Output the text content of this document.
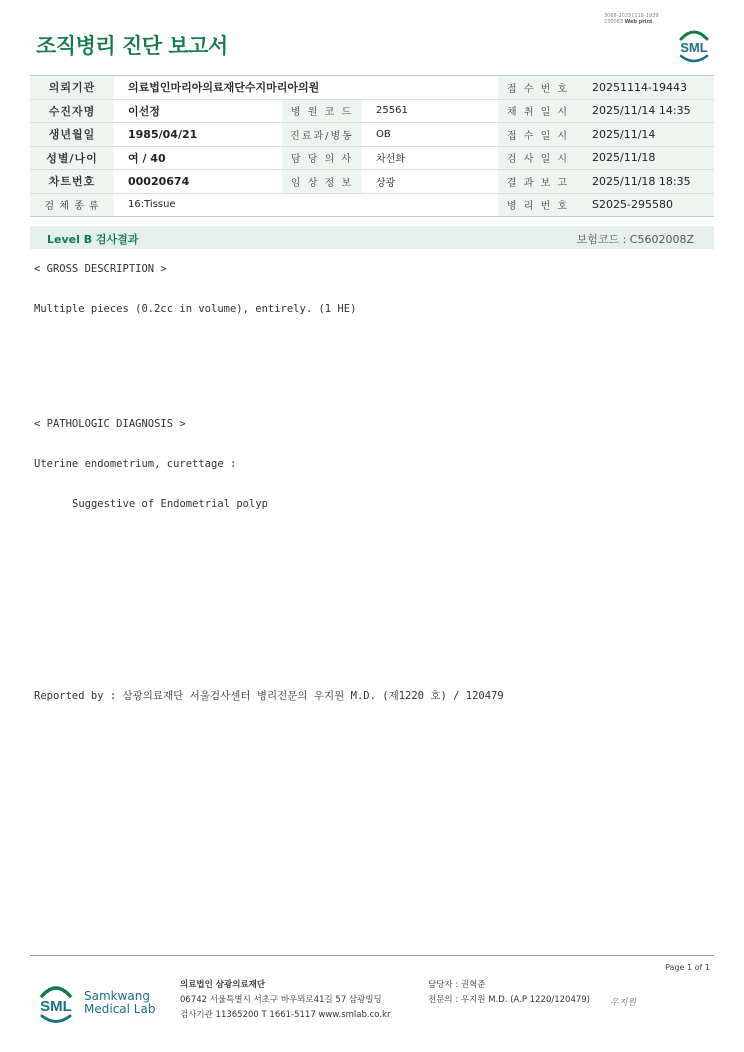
조직병리 진단 보고서
3068-20251118-1839
230083 Web print
SML
의뢰기관	의료법인마리아의료재단수지마리아의원			접 수 번 호	20251114-19443
수진자명	이선정	병 원 코 드	25561	채 취 일 시	2025/11/14 14:35
생년월일	1985/04/21	진료과/병동	OB	접 수 일 시	2025/11/14
성별/나이	여 / 40	담 당 의 사	차선화	검 사 일 시	2025/11/18
차트번호	00020674	임 상 정 보	상광	결 과 보 고	2025/11/18 18:35
검 체 종 류	16:Tissue			병 리 번 호	S2025-295580
Level B 검사결과	보험코드 : C5602008Z
< GROSS DESCRIPTION >
Multiple pieces (0.2cc in volume), entirely. (1 HE)
< PATHOLOGIC DIAGNOSIS >
Uterine endometrium, curettage :
Suggestive of Endometrial polyp
Reported by : 삼광의료재단 서울검사센터 병리전문의 우지원 M.D. (제1220 호) / 120479
Page 1 of 1
SML
Samkwang
Medical Lab
의료법인 삼광의료재단
06742 서울특별시 서초구 바우뫼로41길 57 삼광빌딩
검사기관 11365200 T 1661-5117 www.smlab.co.kr
담당자 : 권혁준
전문의 : 우지원 M.D. (A.P 1220/120479) 우지원
